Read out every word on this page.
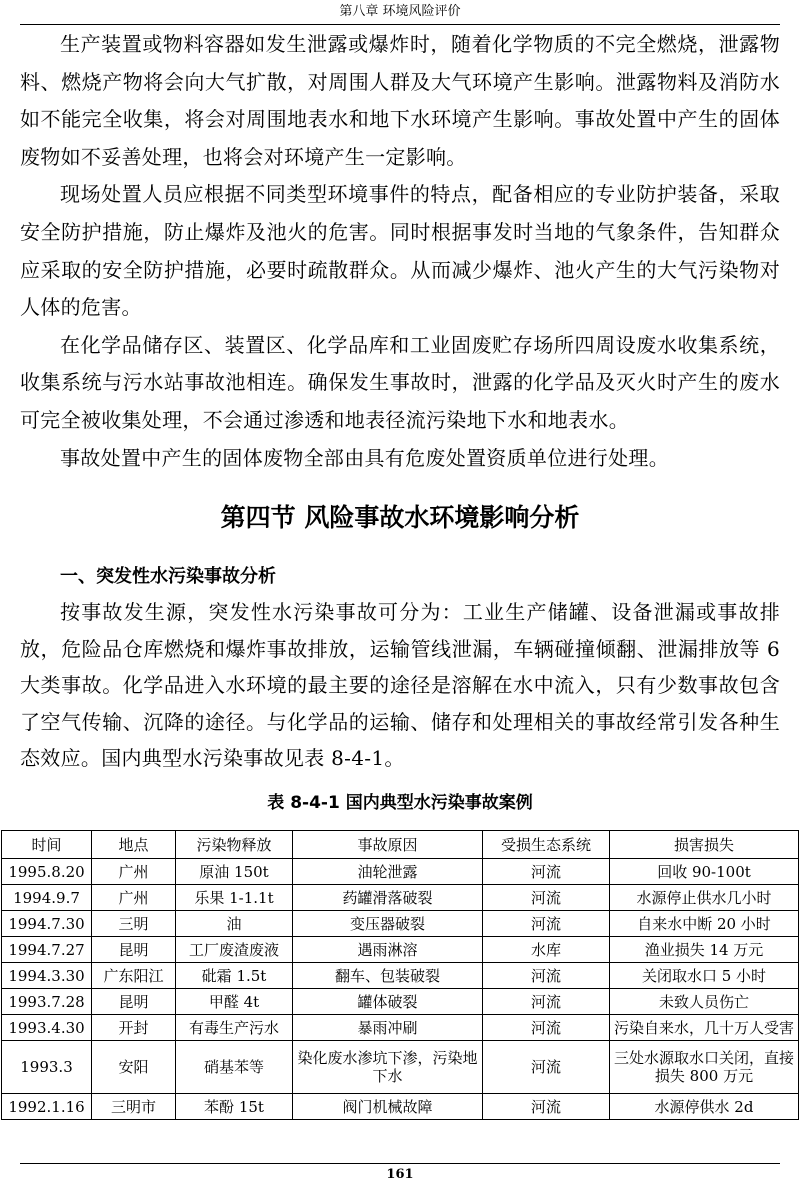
第八章 环境风险评价

生产装置或物料容器如发生泄露或爆炸时，随着化学物质的不完全燃烧，泄露物料、燃烧产物将会向大气扩散，对周围人群及大气环境产生影响。泄露物料及消防水如不能完全收集，将会对周围地表水和地下水环境产生影响。事故处置中产生的固体废物如不妥善处理，也将会对环境产生一定影响。

现场处置人员应根据不同类型环境事件的特点，配备相应的专业防护装备，采取安全防护措施，防止爆炸及池火的危害。同时根据事发时当地的气象条件，告知群众应采取的安全防护措施，必要时疏散群众。从而减少爆炸、池火产生的大气污染物对人体的危害。

在化学品储存区、装置区、化学品库和工业固废贮存场所四周设废水收集系统，收集系统与污水站事故池相连。确保发生事故时，泄露的化学品及灭火时产生的废水可完全被收集处理，不会通过渗透和地表径流污染地下水和地表水。

事故处置中产生的固体废物全部由具有危废处置资质单位进行处理。

第四节 风险事故水环境影响分析
一、突发性水污染事故分析

按事故发生源，突发性水污染事故可分为：工业生产储罐、设备泄漏或事故排放，危险品仓库燃烧和爆炸事故排放，运输管线泄漏，车辆碰撞倾翻、泄漏排放等 6 大类事故。化学品进入水环境的最主要的途径是溶解在水中流入，只有少数事故包含了空气传输、沉降的途径。与化学品的运输、储存和处理相关的事故经常引发各种生态效应。国内典型水污染事故见表 8-4-1。

表 8-4-1 国内典型水污染事故案例
时间	地点	污染物释放	事故原因	受损生态系统	损害损失

1995.8.20	广州	原油 150t	油轮泄露	河流	回收 90-100t

1994.9.7	广州	乐果 1-1.1t	药罐滑落破裂	河流	水源停止供水几小时

1994.7.30	三明	油	变压器破裂	河流	自来水中断 20 小时

1994.7.27	昆明	工厂废渣废液	遇雨淋溶	水库	渔业损失 14 万元

1994.3.30	广东阳江	砒霜 1.5t	翻车、包装破裂	河流	关闭取水口 5 小时

1993.7.28	昆明	甲醛 4t	罐体破裂	河流	未致人员伤亡

1993.4.30	开封	有毒生产污水	暴雨冲刷	河流	污染自来水，几十万人受害

1993.3	安阳	硝基苯等	染化废水渗坑下渗，污染地下水	河流	三处水源取水口关闭，直接损失 800 万元

1992.1.16	三明市	苯酚 15t	阀门机械故障	河流	水源停供水 2d
161
